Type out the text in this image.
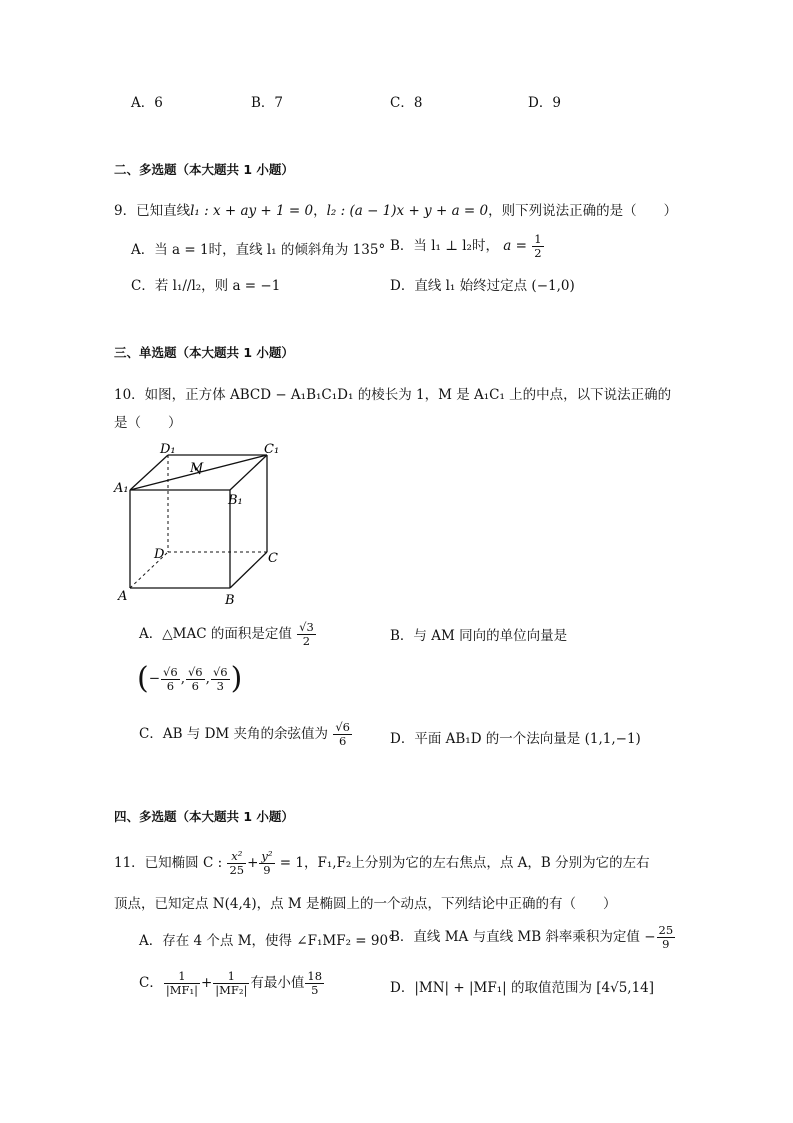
A．6	B．7	C．8	D．9
二、多选题（本大题共 1 小题）
9．已知直线l₁ : x + ay + 1 = 0，l₂ : (a − 1)x + y + a = 0，则下列说法正确的是（　　）
A．当 a = 1时，直线 l₁ 的倾斜角为 135° B．当 l₁ ⊥ l₂时， $a = \frac{1}{2}$
C．若 l₁//l₂，则 a = −1	D．直线 l₁ 始终过定点 (−1,0)
三、单选题（本大题共 1 小题）
10．如图，正方体 ABCD − A₁B₁C₁D₁ 的棱长为 1，M 是 A₁C₁ 上的中点，以下说法正确的
是（　　）
D₁	C₁
M
A₁
B₁
D	C
A	B
A．△MAC 的面积是定值 $\frac{√3}{2}$	B．与 AM 同向的单位向量是
(− $\frac{√6}{6}$ , $\frac{√6}{6}$ , $\frac{√6}{3}$ )
C．AB 与 DM 夹角的余弦值为 $\frac{√6}{6}$	D．平面 AB₁D 的一个法向量是 (1,1,−1)
四、多选题（本大题共 1 小题）
11．已知椭圆 C : $\frac{\text{x²}}{25} + \frac{\text{y²}}{9} = 1$，F₁,F₂上分别为它的左右焦点，点 A，B 分别为它的左右
顶点，已知定点 N(4,4)，点 M 是椭圆上的一个动点，下列结论中正确的有（　　）
A．存在 4 个点 M，使得 ∠F₁MF₂ = 90°
B．直线 MA 与直线 MB 斜率乘积为定值 − $\frac{25}{9}$
C． $\frac{1}{\text{|MF₁|}} + \frac{1}{\text{|MF₂|}}$ 有最小值 $\frac{18}{5}$	D．|MN| + |MF₁| 的取值范围为 [4√5,14]
